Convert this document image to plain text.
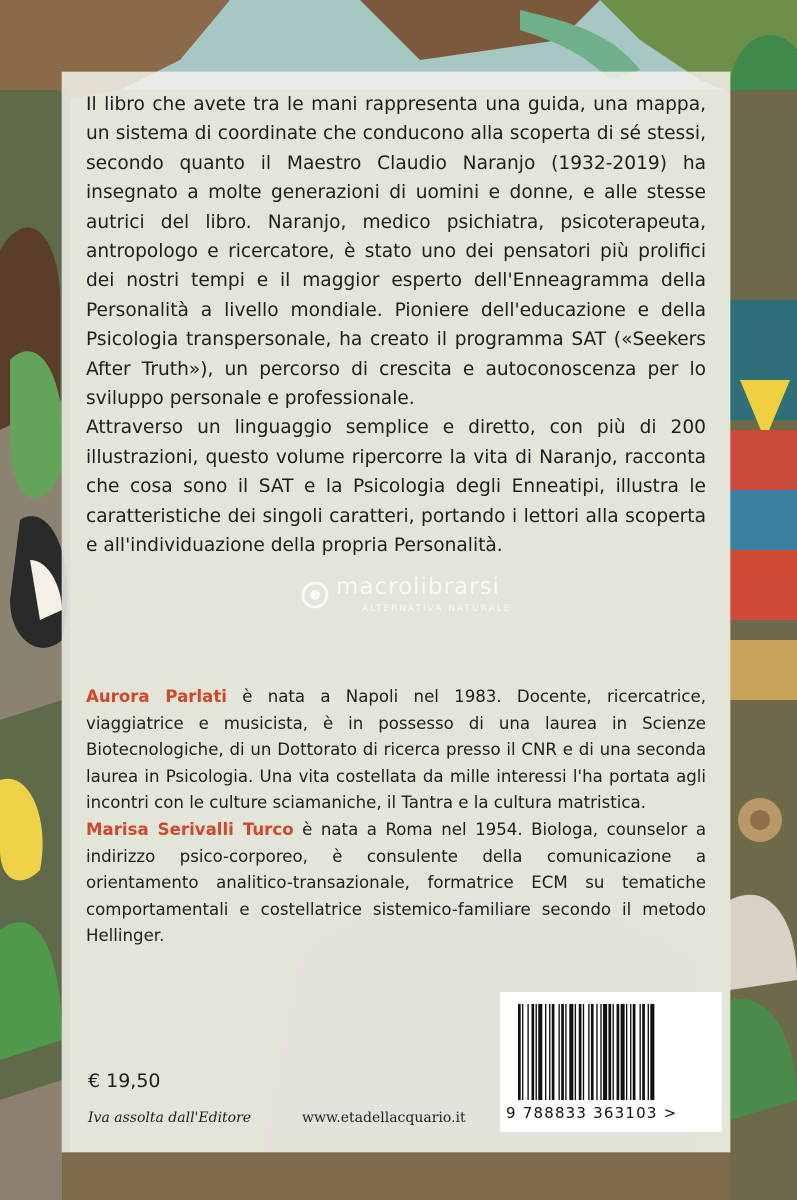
Il libro che avete tra le mani rappresenta una guida, una mappa, un sistema di coordinate che conducono alla scoperta di sé stessi, secondo quanto il Maestro Claudio Naranjo (1932-2019) ha insegnato a molte generazioni di uomini e donne, e alle stesse autrici del libro. Naranjo, medico psichiatra, psicoterapeuta, antropologo e ricercatore, è stato uno dei pensatori più prolifici dei nostri tempi e il maggior esperto dell'Enneagramma della Personalità a livello mondiale. Pioniere dell'educazione e della Psicologia transpersonale, ha creato il programma SAT («Seekers After Truth»), un percorso di crescita e autoconoscenza per lo sviluppo personale e professionale.

Attraverso un linguaggio semplice e diretto, con più di 200 illustrazioni, questo volume ripercorre la vita di Naranjo, racconta che cosa sono il SAT e la Psicologia degli Enneatipi, illustra le caratteristiche dei singoli caratteri, portando i lettori alla scoperta e all'individuazione della propria Personalità.

macrolibrarsi
ALTERNATIVA NATURALE

Aurora Parlati è nata a Napoli nel 1983. Docente, ricercatrice, viaggiatrice e musicista, è in possesso di una laurea in Scienze Biotecnologiche, di un Dottorato di ricerca presso il CNR e di una seconda laurea in Psicologia. Una vita costellata da mille interessi l'ha portata agli incontri con le culture sciamaniche, il Tantra e la cultura matristica.

Marisa Serivalli Turco è nata a Roma nel 1954. Biologa, counselor a indirizzo psico-corporeo, è consulente della comunicazione a orientamento analitico-transazionale, formatrice ECM su tematiche comportamentali e costellatrice sistemico-familiare secondo il metodo Hellinger.

€ 19,50
Iva assolta dall'Editore	www.etadellacquario.it	9 788833 363103 >
